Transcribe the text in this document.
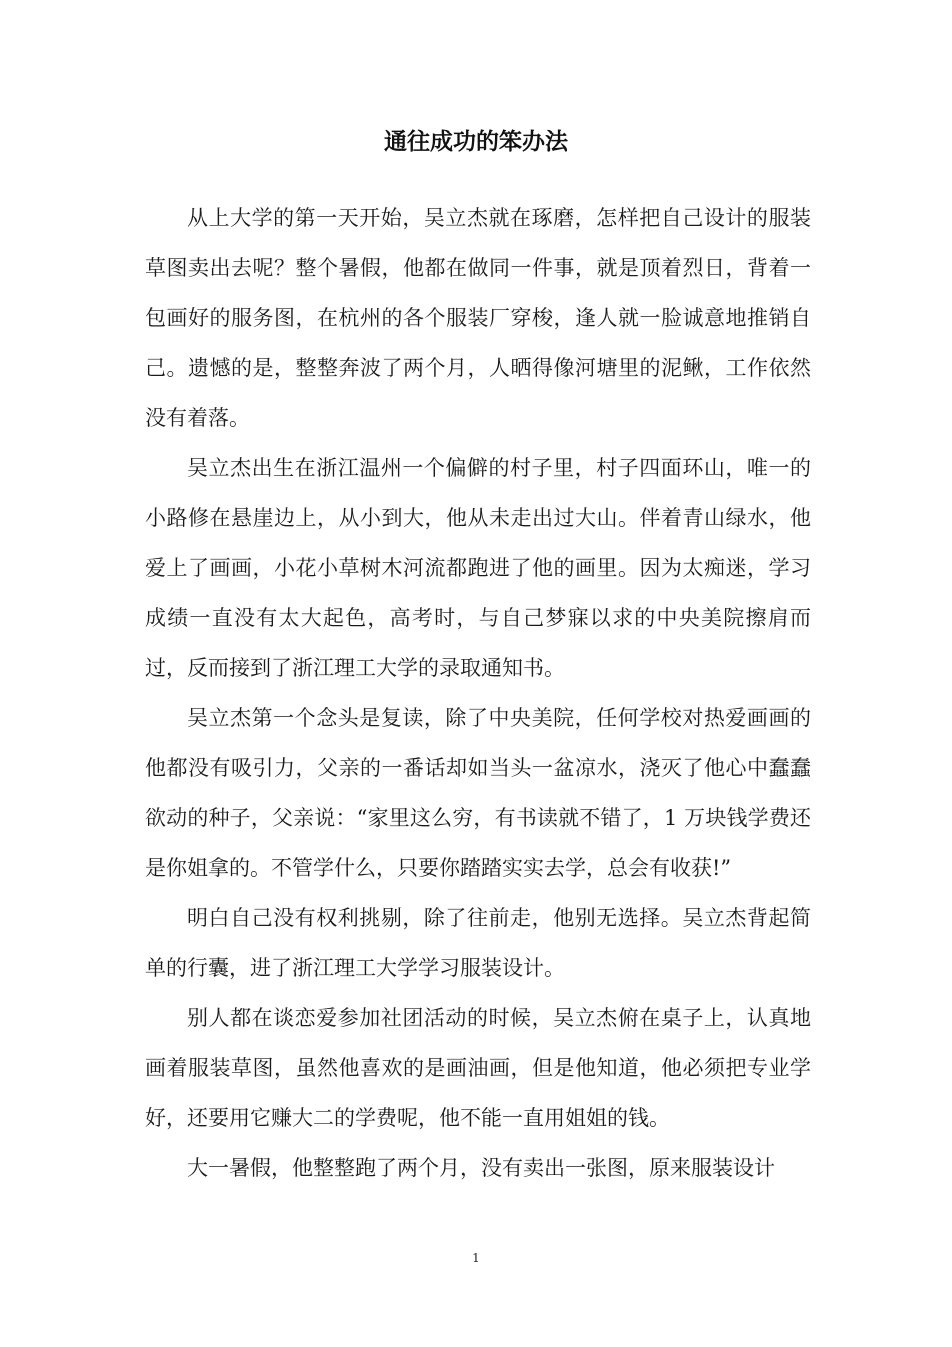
通往成功的笨办法

从上大学的第一天开始，吴立杰就在琢磨，怎样把自己设计的服装草图卖出去呢？整个暑假，他都在做同一件事，就是顶着烈日，背着一包画好的服务图，在杭州的各个服装厂穿梭，逢人就一脸诚意地推销自己。遗憾的是，整整奔波了两个月，人晒得像河塘里的泥鳅，工作依然没有着落。

吴立杰出生在浙江温州一个偏僻的村子里，村子四面环山，唯一的小路修在悬崖边上，从小到大，他从未走出过大山。伴着青山绿水，他爱上了画画，小花小草树木河流都跑进了他的画里。因为太痴迷，学习成绩一直没有太大起色，高考时，与自己梦寐以求的中央美院擦肩而过，反而接到了浙江理工大学的录取通知书。

吴立杰第一个念头是复读，除了中央美院，任何学校对热爱画画的他都没有吸引力，父亲的一番话却如当头一盆凉水，浇灭了他心中蠢蠢欲动的种子，父亲说：“家里这么穷，有书读就不错了，1 万块钱学费还是你姐拿的。不管学什么，只要你踏踏实实去学，总会有收获!”

明白自己没有权利挑剔，除了往前走，他别无选择。吴立杰背起简单的行囊，进了浙江理工大学学习服装设计。

别人都在谈恋爱参加社团活动的时候，吴立杰俯在桌子上，认真地画着服装草图，虽然他喜欢的是画油画，但是他知道，他必须把专业学好，还要用它赚大二的学费呢，他不能一直用姐姐的钱。

大一暑假，他整整跑了两个月，没有卖出一张图，原来服装设计

1
